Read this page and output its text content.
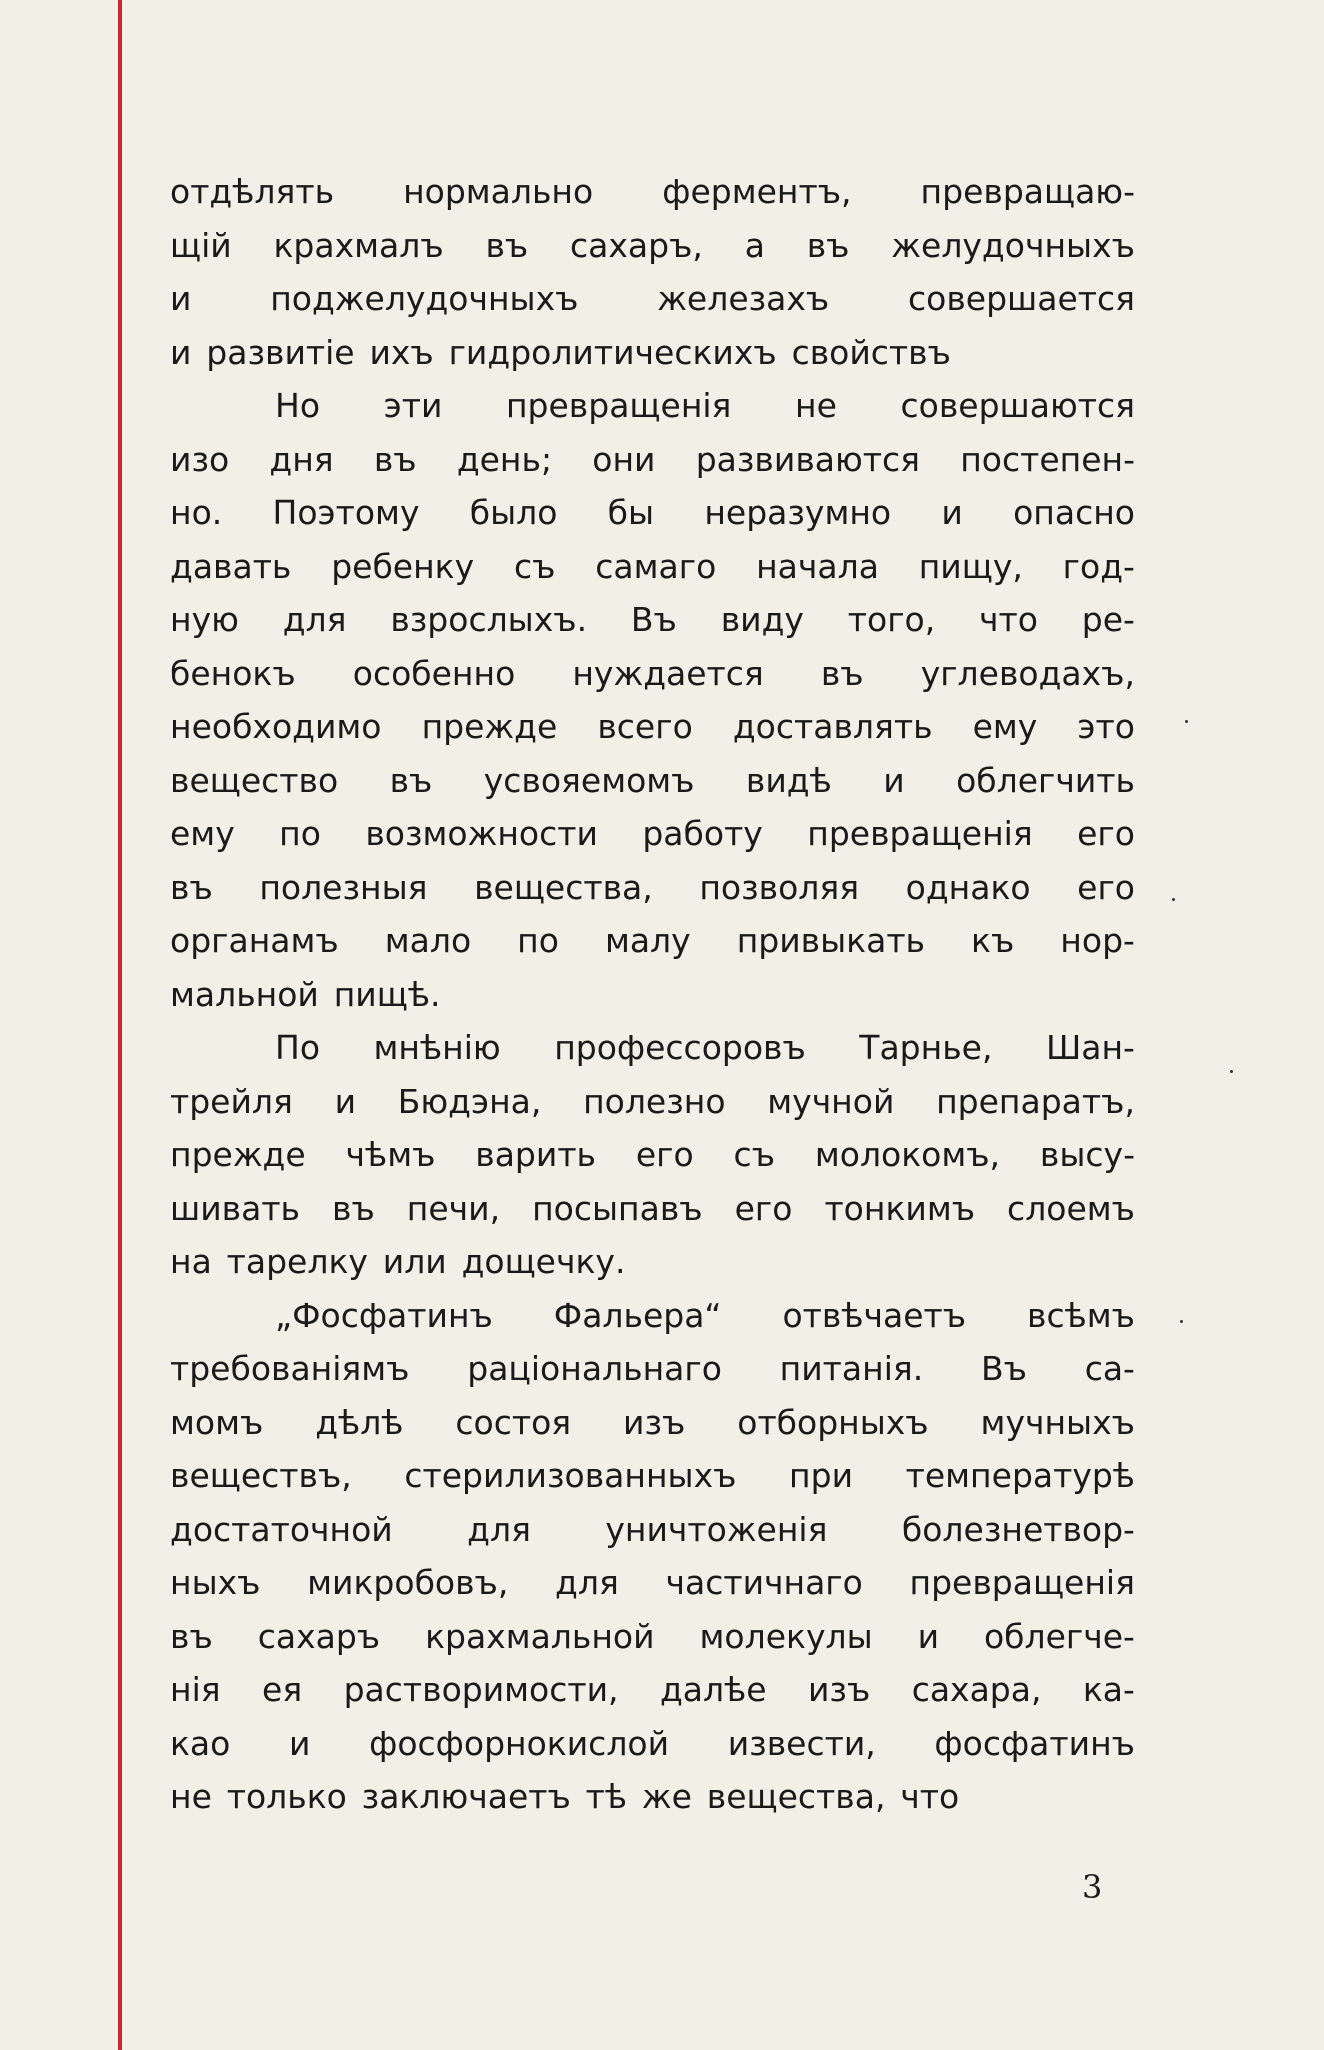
отдѣлять нормально ферментъ, превращаю-
щій крахмалъ въ сахаръ, а въ желудочныхъ
и поджелудочныхъ железахъ совершается
и развитіе ихъ гидролитическихъ свойствъ
Но эти превращенія не совершаются
изо дня въ день; они развиваются постепен-
но. Поэтому было бы неразумно и опасно
давать ребенку съ самаго начала пищу, год-
ную для взрослыхъ. Въ виду того, что ре-
бенокъ особенно нуждается въ углеводахъ,
необходимо прежде всего доставлять ему это
вещество въ усвояемомъ видѣ и облегчить
ему по возможности работу превращенія его
въ полезныя вещества, позволяя однако его
органамъ мало по малу привыкать къ нор-
мальной пищѣ.
По мнѣнію профессоровъ Тарнье, Шан-
трейля и Бюдэна, полезно мучной препаратъ,
прежде чѣмъ варить его съ молокомъ, высу-
шивать въ печи, посыпавъ его тонкимъ слоемъ
на тарелку или дощечку.
„Фосфатинъ Фальера“ отвѣчаетъ всѣмъ
требованіямъ раціональнаго питанія. Въ са-
момъ дѣлѣ состоя изъ отборныхъ мучныхъ
веществъ, стерилизованныхъ при температурѣ
достаточной для уничтоженія болезнетвор-
ныхъ микробовъ, для частичнаго превращенія
въ сахаръ крахмальной молекулы и облегче-
нія ея растворимости, далѣе изъ сахара, ка-
као и фосфорнокислой извести, фосфатинъ
не только заключаетъ тѣ же вещества, что
3
